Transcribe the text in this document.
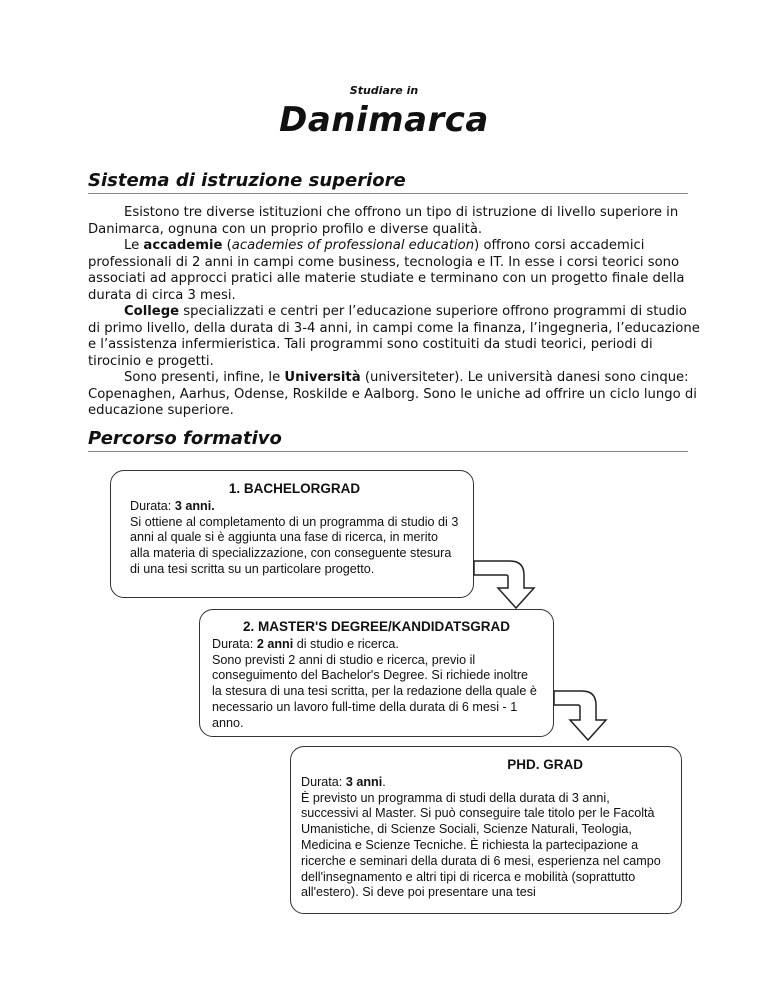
Studiare in
Danimarca
Sistema di istruzione superiore

Esistono tre diverse istituzioni che offrono un tipo di istruzione di livello superiore in Danimarca, ognuna con un proprio profilo e diverse qualità.

Le accademie (academies of professional education) offrono corsi accademici professionali di 2 anni in campi come business, tecnologia e IT. In esse i corsi teorici sono associati ad approcci pratici alle materie studiate e terminano con un progetto finale della durata di circa 3 mesi.

College specializzati e centri per l’educazione superiore offrono programmi di studio di primo livello, della durata di 3-4 anni, in campi come la finanza, l’ingegneria, l’educazione e l’assistenza infermieristica. Tali programmi sono costituiti da studi teorici, periodi di tirocinio e progetti.

Sono presenti, infine, le Università (universiteter). Le università danesi sono cinque: Copenaghen, Aarhus, Odense, Roskilde e Aalborg. Sono le uniche ad offrire un ciclo lungo di educazione superiore.

Percorso formativo
1. BACHELORGRAD
Durata: 3 anni.
Si ottiene al completamento di un programma di studio di 3 anni al quale si è aggiunta una fase di ricerca, in merito alla materia di specializzazione, con conseguente stesura di una tesi scritta su un particolare progetto.
2. MASTER'S DEGREE/KANDIDATSGRAD
Durata: 2 anni di studio e ricerca.
Sono previsti 2 anni di studio e ricerca, previo il conseguimento del Bachelor's Degree. Si richiede inoltre la stesura di una tesi scritta, per la redazione della quale è necessario un lavoro full-time della durata di 6 mesi - 1 anno.
PHD. GRAD
Durata: 3 anni.
È previsto un programma di studi della durata di 3 anni, successivi al Master. Si può conseguire tale titolo per le Facoltà Umanistiche, di Scienze Sociali, Scienze Naturali, Teologia, Medicina e Scienze Tecniche. È richiesta la partecipazione a ricerche e seminari della durata di 6 mesi, esperienza nel campo dell'insegnamento e altri tipi di ricerca e mobilità (soprattutto all'estero). Si deve poi presentare una tesi
